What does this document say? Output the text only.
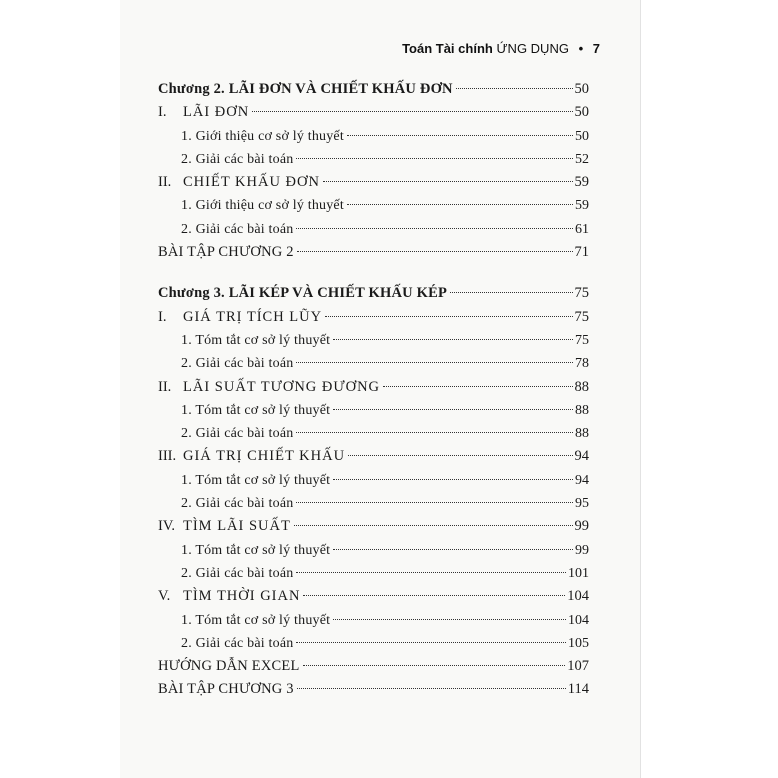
Toán Tài chính ỨNG DỤNG • 7
Chương 2. LÃI ĐƠN VÀ CHIẾT KHẤU ĐƠN	50
I.	LÃI ĐƠN	50
1. Giới thiệu cơ sở lý thuyết	50
2. Giải các bài toán	52
II. CHIẾT KHẤU ĐƠN	59
1. Giới thiệu cơ sở lý thuyết	59
2. Giải các bài toán	61
BÀI TẬP CHƯƠNG 2	71
Chương 3. LÃI KÉP VÀ CHIẾT KHẤU KÉP	75
I.	GIÁ TRỊ TÍCH LŨY	75
1. Tóm tắt cơ sở lý thuyết	75
2. Giải các bài toán	78
II. LÃI SUẤT TƯƠNG ĐƯƠNG	88
1. Tóm tắt cơ sở lý thuyết	88
2. Giải các bài toán	88
III. GIÁ TRỊ CHIẾT KHẤU	94
1. Tóm tắt cơ sở lý thuyết	94
2. Giải các bài toán	95
IV. TÌM LÃI SUẤT	99
1. Tóm tắt cơ sở lý thuyết	99
2. Giải các bài toán	101
V. TÌM THỜI GIAN	104
1. Tóm tắt cơ sở lý thuyết	104
2. Giải các bài toán	105
HƯỚNG DẪN EXCEL	107
BÀI TẬP CHƯƠNG 3	114
